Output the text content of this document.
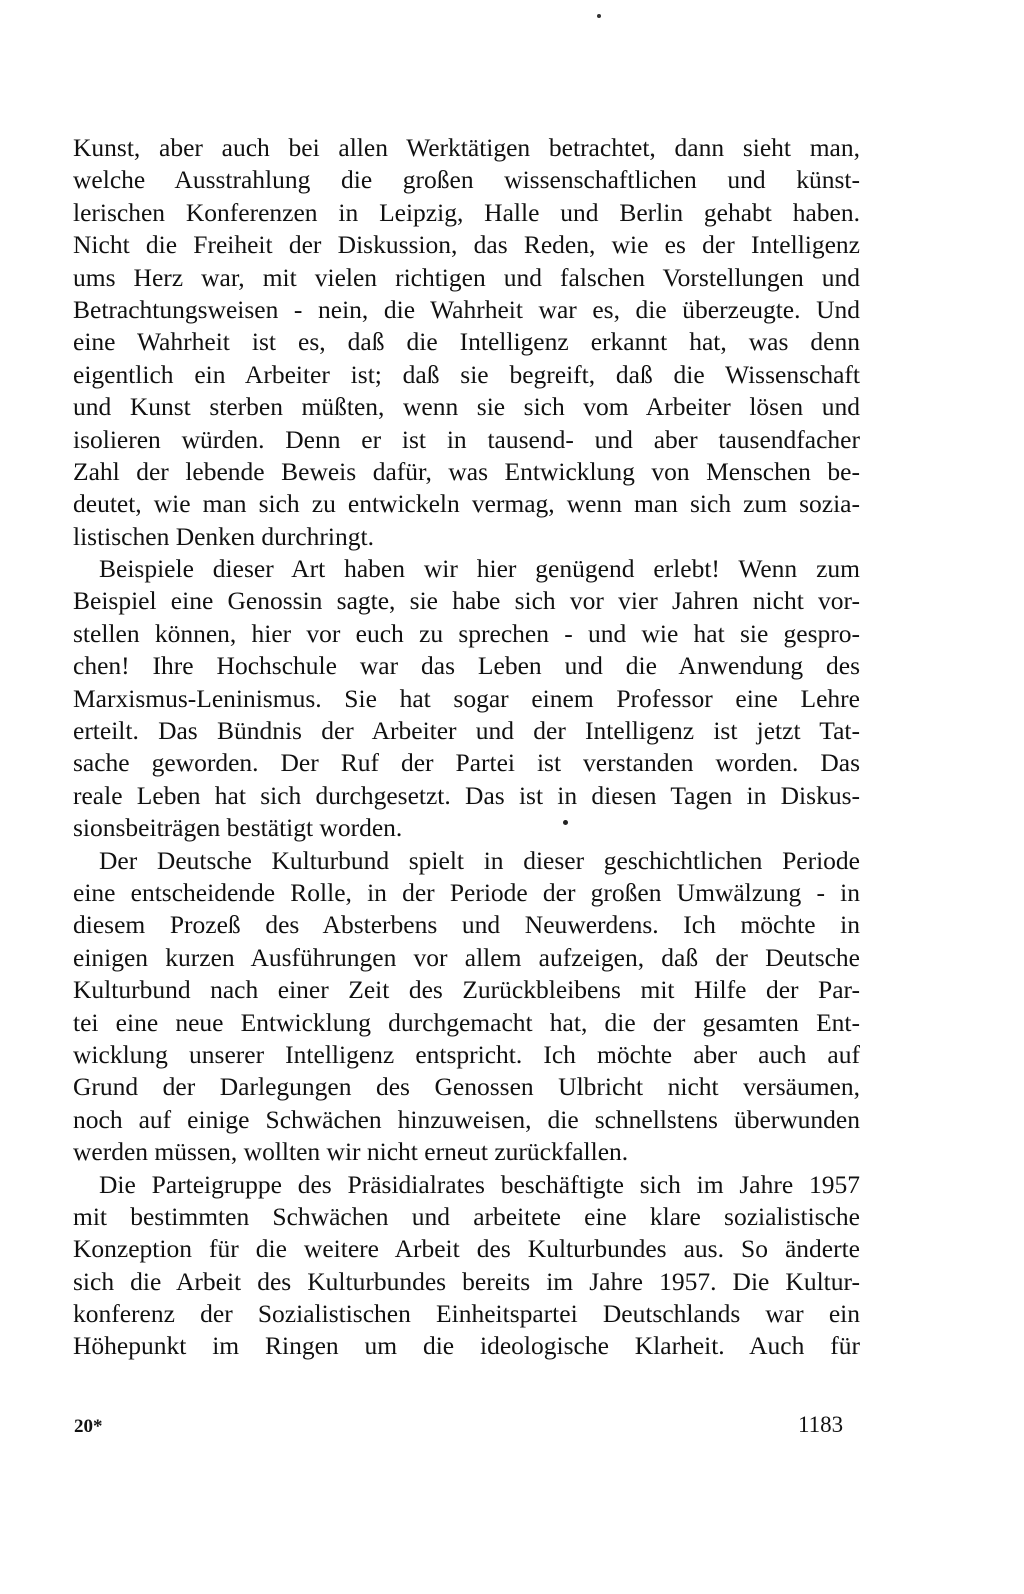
Kunst, aber auch bei allen Werktätigen betrachtet, dann sieht man,
welche Ausstrahlung die großen wissenschaftlichen und künst-
lerischen Konferenzen in Leipzig, Halle und Berlin gehabt haben.
Nicht die Freiheit der Diskussion, das Reden, wie es der Intelligenz
ums Herz war, mit vielen richtigen und falschen Vorstellungen und
Betrachtungsweisen - nein, die Wahrheit war es, die überzeugte. Und
eine Wahrheit ist es, daß die Intelligenz erkannt hat, was denn
eigentlich ein Arbeiter ist; daß sie begreift, daß die Wissenschaft
und Kunst sterben müßten, wenn sie sich vom Arbeiter lösen und
isolieren würden. Denn er ist in tausend- und aber tausendfacher
Zahl der lebende Beweis dafür, was Entwicklung von Menschen be-
deutet, wie man sich zu entwickeln vermag, wenn man sich zum sozia-
listischen Denken durchringt.
Beispiele dieser Art haben wir hier genügend erlebt! Wenn zum
Beispiel eine Genossin sagte, sie habe sich vor vier Jahren nicht vor-
stellen können, hier vor euch zu sprechen - und wie hat sie gespro-
chen! Ihre Hochschule war das Leben und die Anwendung des
Marxismus-Leninismus. Sie hat sogar einem Professor eine Lehre
erteilt. Das Bündnis der Arbeiter und der Intelligenz ist jetzt Tat-
sache geworden. Der Ruf der Partei ist verstanden worden. Das
reale Leben hat sich durchgesetzt. Das ist in diesen Tagen in Diskus-
sionsbeiträgen bestätigt worden.
Der Deutsche Kulturbund spielt in dieser geschichtlichen Periode
eine entscheidende Rolle, in der Periode der großen Umwälzung - in
diesem Prozeß des Absterbens und Neuwerdens. Ich möchte in
einigen kurzen Ausführungen vor allem aufzeigen, daß der Deutsche
Kulturbund nach einer Zeit des Zurückbleibens mit Hilfe der Par-
tei eine neue Entwicklung durchgemacht hat, die der gesamten Ent-
wicklung unserer Intelligenz entspricht. Ich möchte aber auch auf
Grund der Darlegungen des Genossen Ulbricht nicht versäumen,
noch auf einige Schwächen hinzuweisen, die schnellstens überwunden
werden müssen, wollten wir nicht erneut zurückfallen.
Die Parteigruppe des Präsidialrates beschäftigte sich im Jahre 1957
mit bestimmten Schwächen und arbeitete eine klare sozialistische
Konzeption für die weitere Arbeit des Kulturbundes aus. So änderte
sich die Arbeit des Kulturbundes bereits im Jahre 1957. Die Kultur-
konferenz der Sozialistischen Einheitspartei Deutschlands war ein
Höhepunkt im Ringen um die ideologische Klarheit. Auch für
20*	1183
